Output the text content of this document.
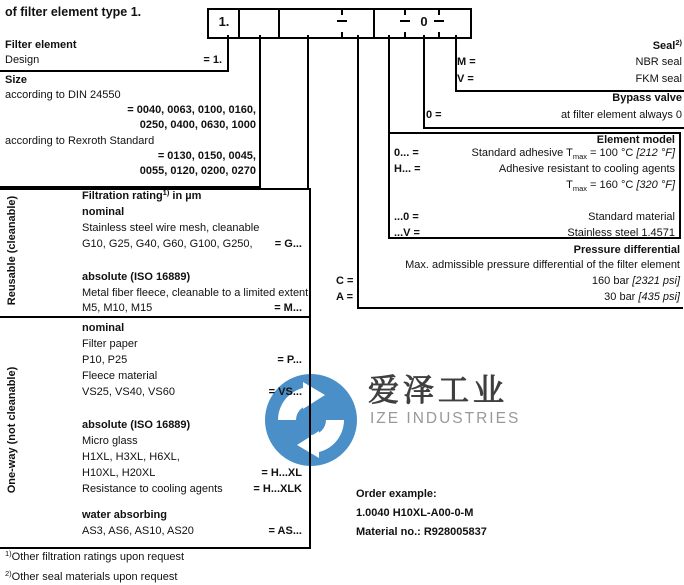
爱泽工业
IZE INDUSTRIES
of filter element type 1.
1.	0
Filter element
Design	= 1.
Size
according to DIN 24550
= 0040, 0063, 0100, 0160,
0250, 0400, 0630, 1000
according to Rexroth Standard
= 0130, 0150, 0045,
0055, 0120, 0200, 0270
Reusable (cleanable)
One-way (not cleanable)
Filtration rating$^{1)}$ in µm
nominal
Stainless steel wire mesh, cleanable
G10, G25, G40, G60, G100, G250,	= G...
absolute (ISO 16889)
Metal fiber fleece, cleanable to a limited extent
M5, M10, M15	= M...
nominal
Filter paper
P10, P25	= P...
Fleece material
VS25, VS40, VS60	= VS...
absolute (ISO 16889)
Micro glass
H1XL, H3XL, H6XL,
H10XL, H20XL	= H...XL
Resistance to cooling agents	= H...XLK
water absorbing
AS3, AS6, AS10, AS20	= AS...
Seal$^{2)}$
M =	NBR seal
V =	FKM seal
Bypass valve
0 =	at filter element always 0
Element model
0... =	Standard adhesive $T_{max} = 100$ °C [212 °F]
H... =	Adhesive resistant to cooling agents
$T_{max} = 160$ °C [320 °F]
...0 =	Standard material
...V =	Stainless steel 1.4571
Pressure differential
Max. admissible pressure differential of the filter element
C =	160 bar [2321 psi]
A =	30 bar [435 psi]
Order example:
1.0040 H10XL-A00-0-M
Material no.: R928005837
$^{1)}$Other filtration ratings upon request
$^{2)}$Other seal materials upon request
